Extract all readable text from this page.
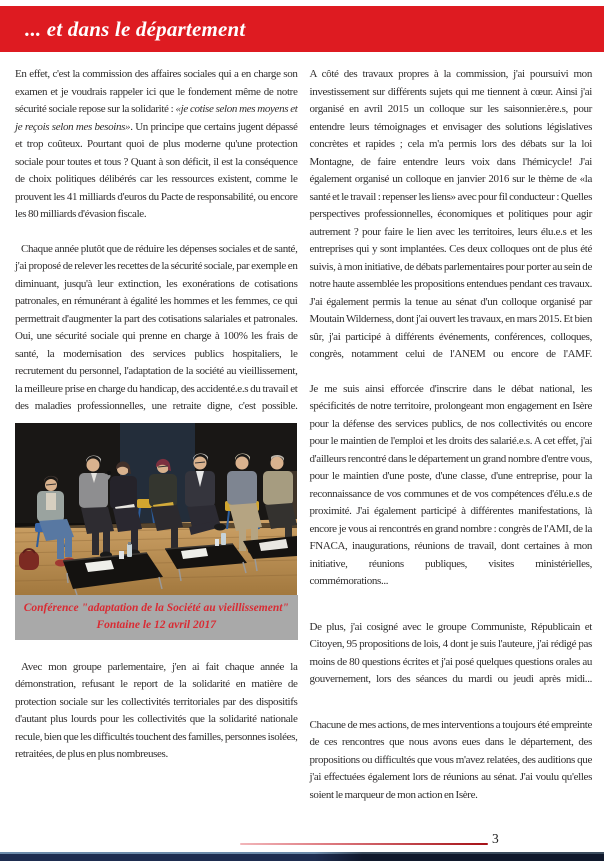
... et dans le département

En effet, c'est la commission des affaires sociales qui a en charge son examen et je voudrais rappeler ici que le fondement même de notre sécurité sociale repose sur la solidarité : «je cotise selon mes moyens et je reçois selon mes besoins». Un principe que certains jugent dépassé et trop coûteux. Pourtant quoi de plus moderne qu'une protection sociale pour toutes et tous ? Quant à son déficit, il est la conséquence de choix politiques délibérés car les ressources existent, comme le prouvent les 41 milliards d'euros du Pacte de responsabilité, ou encore les 80 milliards d'évasion fiscale.

Chaque année plutôt que de réduire les dépenses sociales et de santé, j'ai proposé de relever les recettes de la sécurité sociale, par exemple en diminuant, jusqu'à leur extinction, les exonérations de cotisations patronales, en rémunérant à égalité les hommes et les femmes, ce qui permettrait d'augmenter la part des cotisations salariales et patronales. Oui, une sécurité sociale qui prenne en charge à 100% les frais de santé, la modernisation des services publics hospitaliers, le recrutement du personnel, l'adaptation de la société au vieillissement, la meilleure prise en charge du handicap, des accidenté.e.s du travail et des maladies professionnelles, une retraite digne, c'est possible.

Conférence "adaptation de la Société au vieillissement"
Fontaine le 12 avril 2017

Avec mon groupe parlementaire, j'en ai fait chaque année la démonstration, refusant le report de la solidarité en matière de protection sociale sur les collectivités territoriales par des dispositifs d'autant plus lourds pour les collectivités que la solidarité nationale recule, bien que les difficultés touchent des familles, personnes isolées, retraitées, de plus en plus nombreuses.

A côté des travaux propres à la commission, j'ai poursuivi mon investissement sur différents sujets qui me tiennent à cœur. Ainsi j'ai organisé en avril 2015 un colloque sur les saisonnier.ère.s, pour entendre leurs témoignages et envisager des solutions législatives concrètes et rapides ; cela m'a permis lors des débats sur la loi Montagne, de faire entendre leurs voix dans l'hémicycle! J'ai également organisé un colloque en janvier 2016 sur le thème de «la santé et le travail : repenser les liens» avec pour fil conducteur : Quelles perspectives professionnelles, économiques et politiques pour agir autrement ? pour faire le lien avec les territoires, leurs élu.e.s et les entreprises qui y sont implantées. Ces deux colloques ont de plus été suivis, à mon initiative, de débats parlementaires pour porter au sein de notre haute assemblée les propositions entendues pendant ces travaux. J'ai également permis la tenue au sénat d'un colloque organisé par Moutain Wilderness, dont j'ai ouvert les travaux, en mars 2015. Et bien sûr, j'ai participé à différents événements, conférences, colloques, congrès, notamment celui de l'ANEM ou encore de l'AMF.

Je me suis ainsi efforcée d'inscrire dans le débat national, les spécificités de notre territoire, prolongeant mon engagement en Isère pour la défense des services publics, de nos collectivités ou encore pour le maintien de l'emploi et les droits des salarié.e.s. A cet effet, j'ai d'ailleurs rencontré dans le département un grand nombre d'entre vous, pour le maintien d'une poste, d'une classe, d'une entreprise, pour la reconnaissance de vos communes et de vos compétences d'élu.e.s de proximité. J'ai également participé à différentes manifestations, là encore je vous ai rencontrés en grand nombre : congrès de l'AMI, de la FNACA, inaugurations, réunions de travail, dont certaines à mon initiative, réunions publiques, visites ministérielles, commémorations...

De plus, j'ai cosigné avec le groupe Communiste, Républicain et Citoyen, 95 propositions de lois, 4 dont je suis l'auteure, j'ai rédigé pas moins de 80 questions écrites et j'ai posé quelques questions orales au gouvernement, lors des séances du mardi ou jeudi après midi...

Chacune de mes actions, de mes interventions a toujours été empreinte de ces rencontres que nous avons eues dans le département, des propositions ou difficultés que vous m'avez relatées, des auditions que j'ai effectuées également lors de réunions au sénat. J'ai voulu qu'elles soient le marqueur de mon action en Isère.

3
